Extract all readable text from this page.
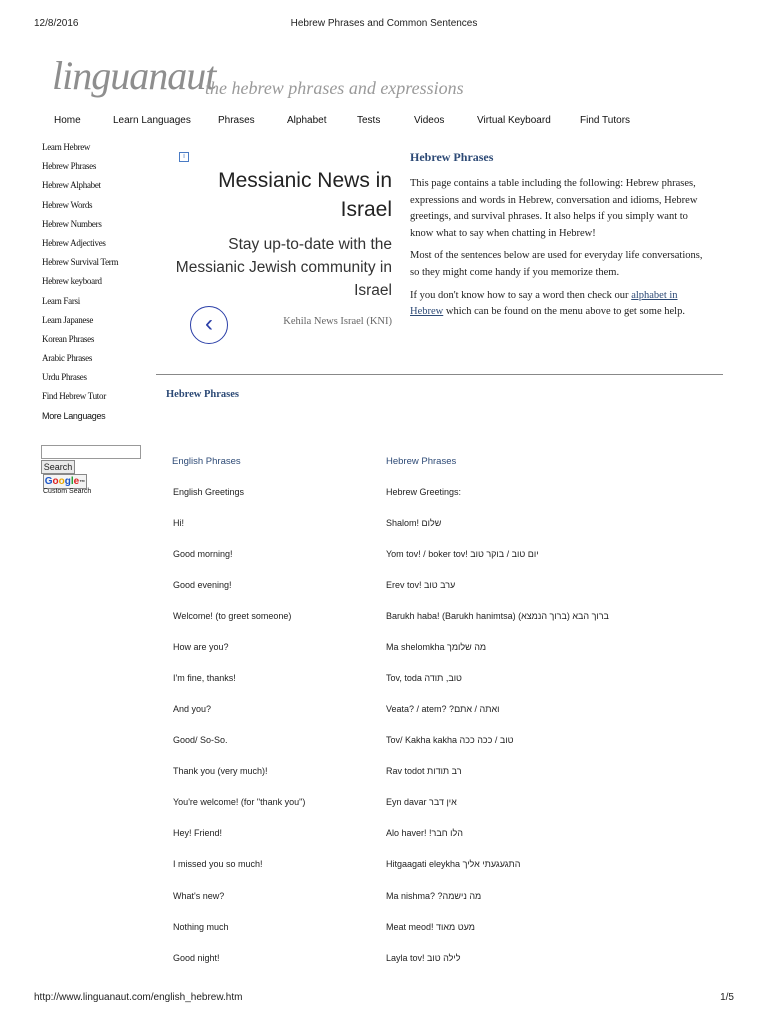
12/8/2016	Hebrew Phrases and Common Sentences
http://www.linguanaut.com/english_hebrew.htm	1/5
linguanaut
the hebrew phrases and expressions
Home	Learn Languages	Phrases	Alphabet	Tests	Videos	Virtual Keyboard	Find Tutors
Learn Hebrew
Hebrew Phrases
Hebrew Alphabet
Hebrew Words
Hebrew Numbers
Hebrew Adjectives
Hebrew Survival Term
Hebrew keyboard
Learn Farsi
Learn Japanese
Korean Phrases
Arabic Phrases
Urdu Phrases
Find Hebrew Tutor
More Languages
Search
Google™
Custom Search
i
Messianic News in Israel
Stay up-to-date with the Messianic Jewish community in Israel
‹	Kehila News Israel (KNI)
Hebrew Phrases

This page contains a table including the following: Hebrew phrases, expressions and words in Hebrew, conversation and idioms, Hebrew greetings, and survival phrases. It also helps if you simply want to know what to say when chatting in Hebrew!

Most of the sentences below are used for everyday life conversations, so they might come handy if you memorize them.

If you don't know how to say a word then check our alphabet in Hebrew which can be found on the menu above to get some help.

Hebrew Phrases
English Phrases	Hebrew Phrases
English Greetings	Hebrew Greetings:
Hi!	Shalom! שלום
Good morning!	Yom tov! / boker tov! יום טוב / בוקר טוב
Good evening!	Erev tov! ערב טוב
Welcome! (to greet someone)	Barukh haba! (Barukh hanimtsa) (ברוך הבא (ברוך הנמצא
How are you?	Ma shelomkha מה שלומך
I'm fine, thanks!	Tov, toda טוב, תודה
And you?	Veata? / atem? ?ואתה / אתם
Good/ So-So.	Tov/ Kakha kakha טוב / ככה ככה
Thank you (very much)!	Rav todot רב תודות
You're welcome! (for "thank you")	Eyn davar אין דבר
Hey! Friend!	Alo haver! !הלו חבר
I missed you so much!	Hitgaagati eleykha התגעגעתי אליך
What's new?	Ma nishma? ?מה נישמה
Nothing much	Meat meod! מעט מאוד
Good night!	Layla tov! לילה טוב
